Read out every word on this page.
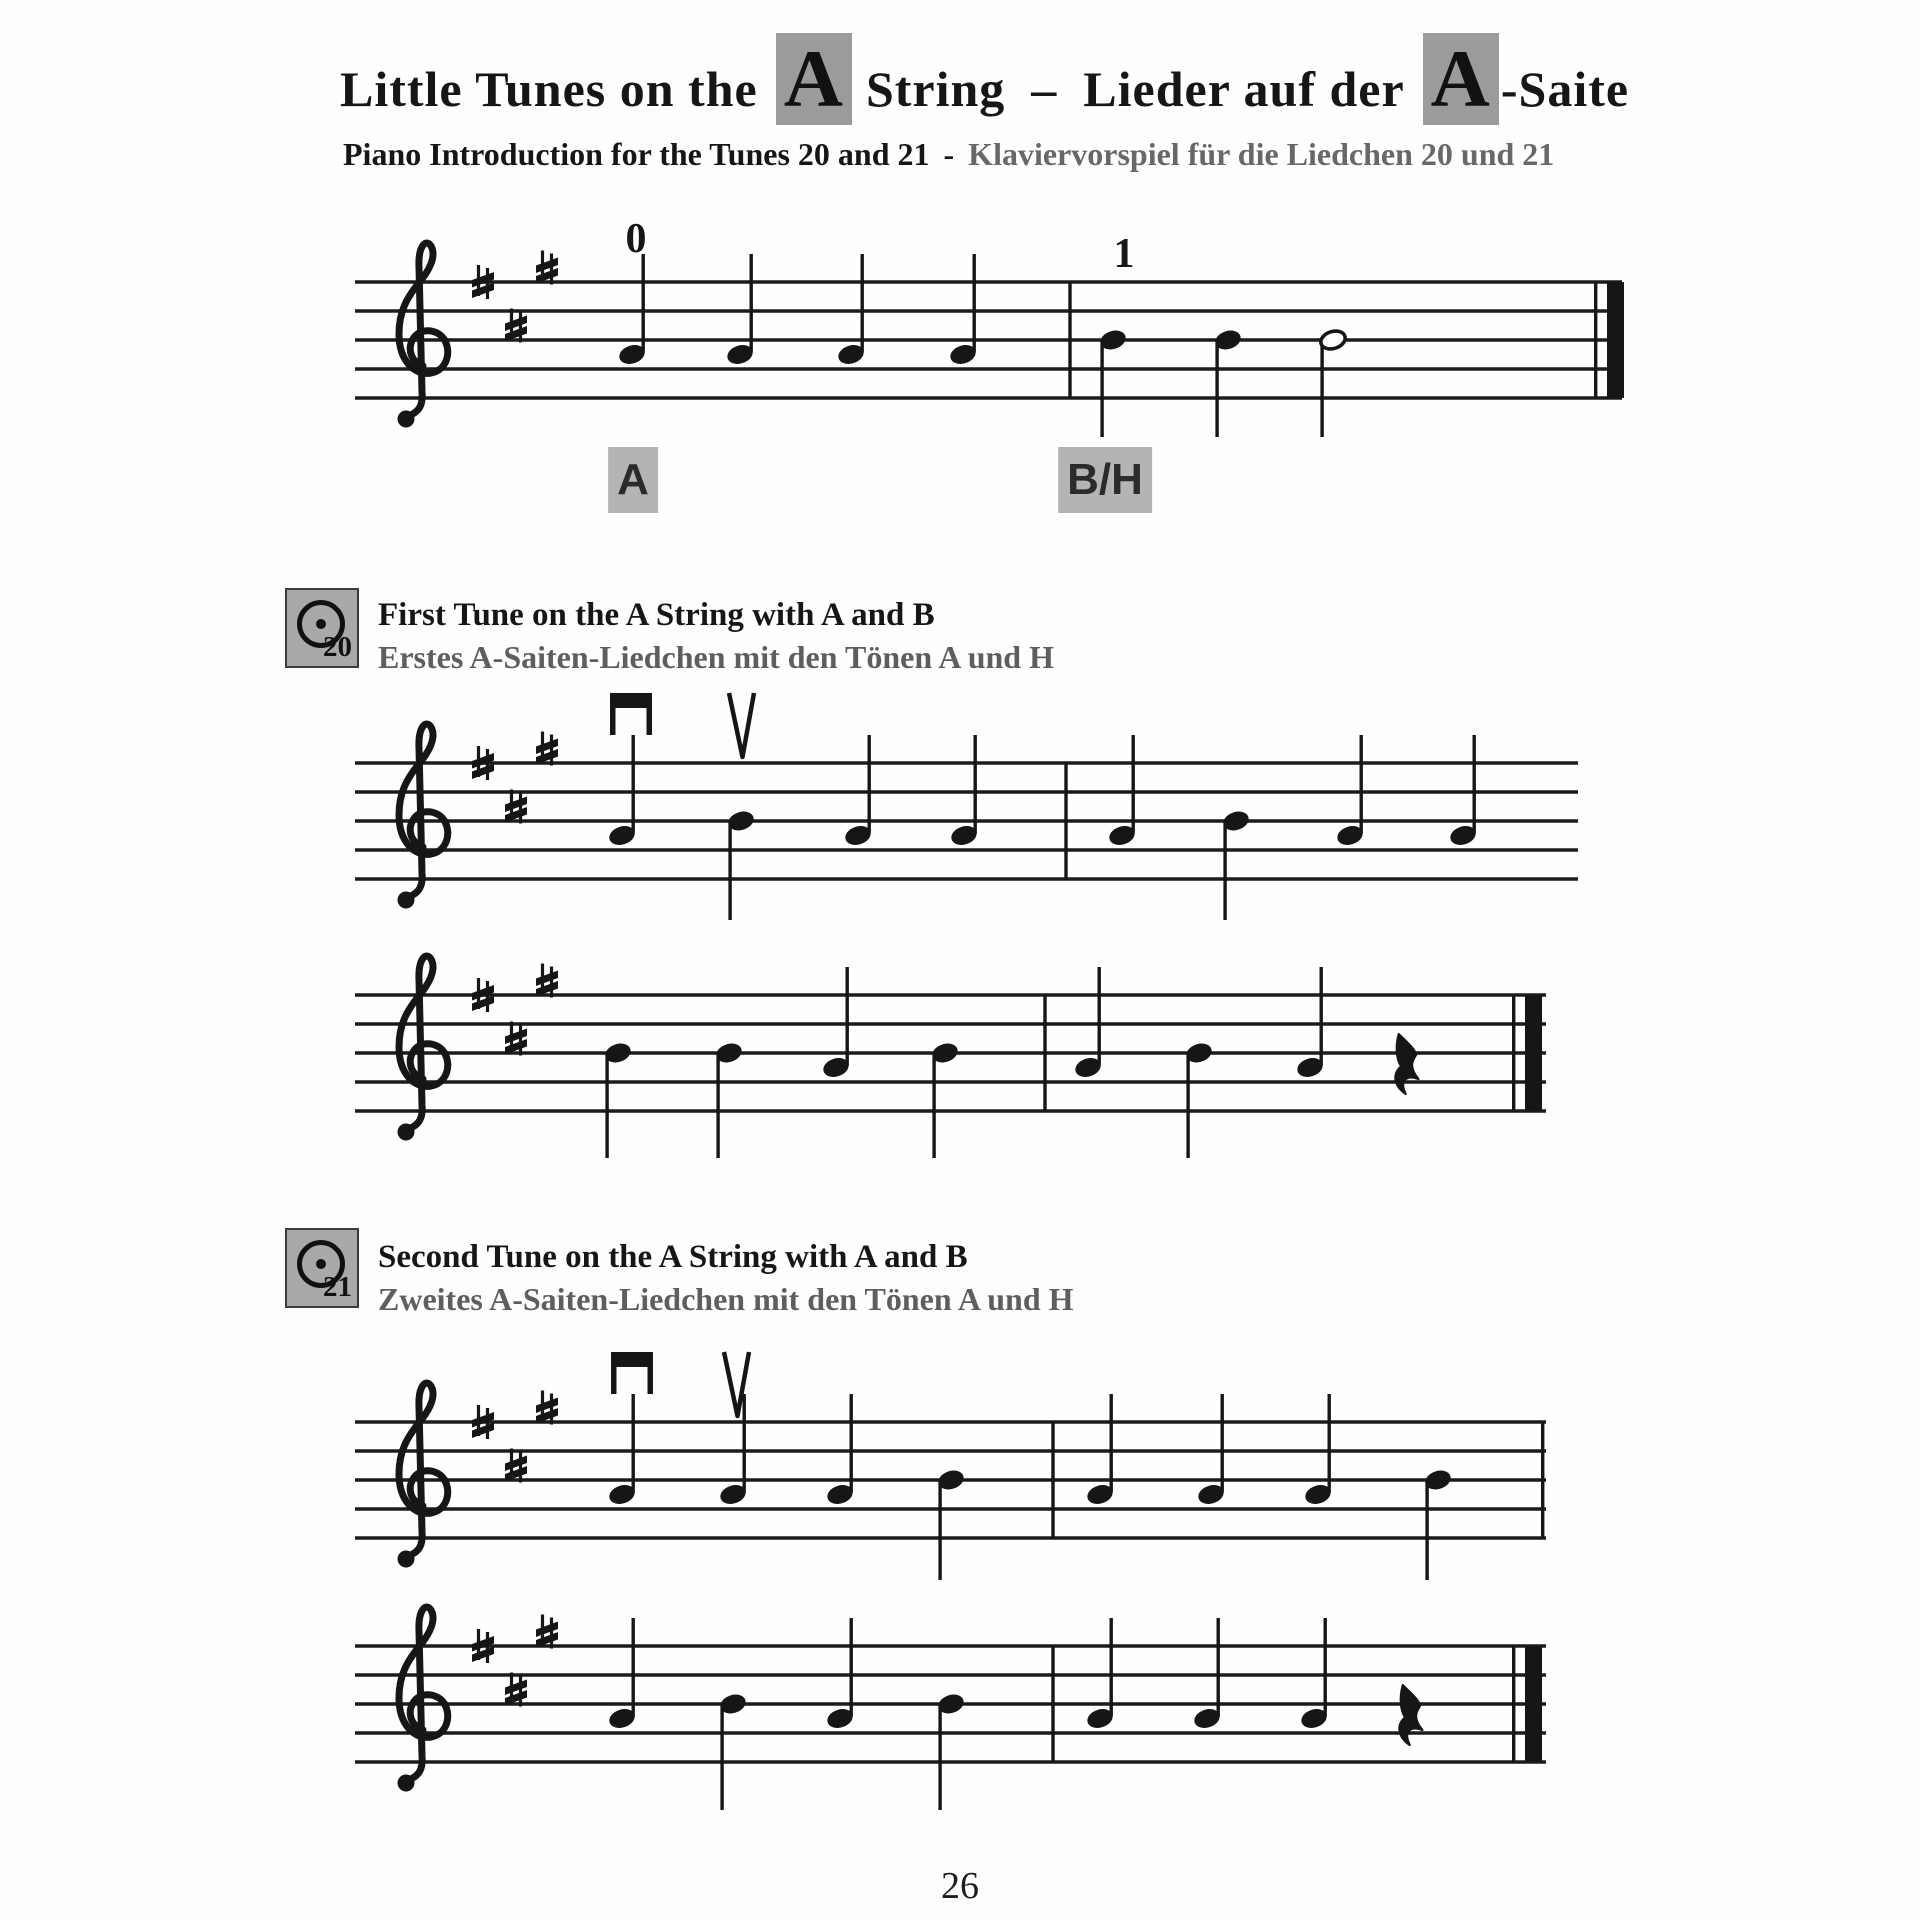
Little Tunes on the A String – Lieder auf der A -Saite
Piano Introduction for the Tunes 20 and 21 - Klaviervorspiel für die Liedchen 20 und 21
20
First Tune on the A String with A and B
Erstes A-Saiten-Liedchen mit den Tönen A und H
21
Second Tune on the A String with A and B
Zweites A-Saiten-Liedchen mit den Tönen A und H
0	1
26
A	B/H
